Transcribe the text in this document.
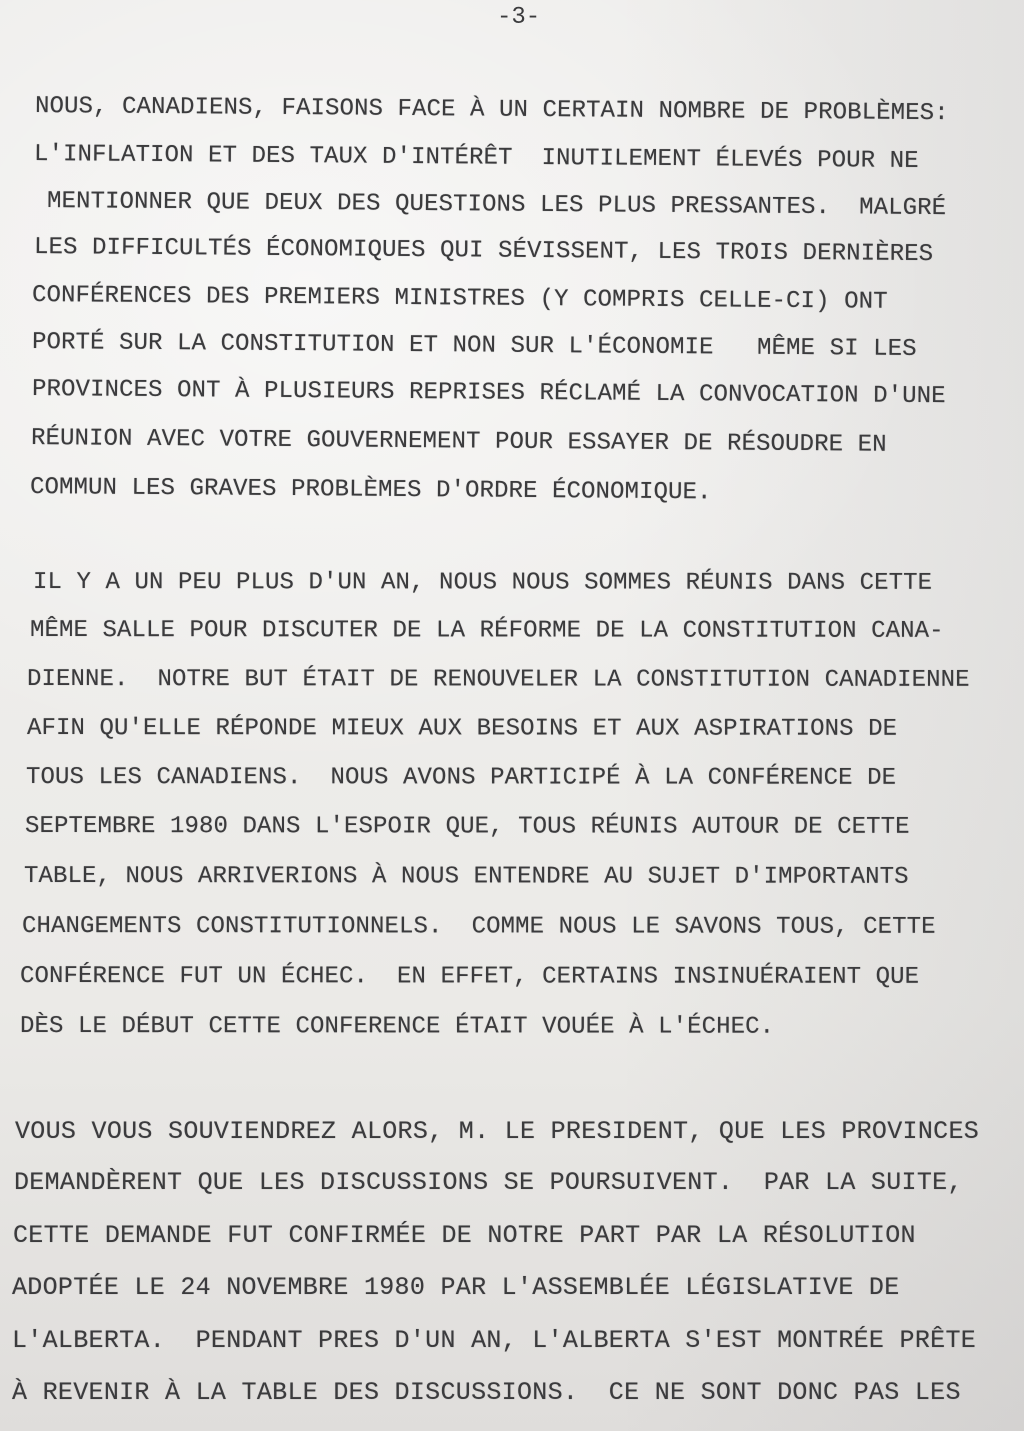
-3-
NOUS, CANADIENS, FAISONS FACE À UN CERTAIN NOMBRE DE PROBLÈMES:
L'INFLATION ET DES TAUX D'INTÉRÊT  INUTILEMENT ÉLEVÉS POUR NE
MENTIONNER QUE DEUX DES QUESTIONS LES PLUS PRESSANTES.  MALGRÉ
LES DIFFICULTÉS ÉCONOMIQUES QUI SÉVISSENT, LES TROIS DERNIÈRES
CONFÉRENCES DES PREMIERS MINISTRES (Y COMPRIS CELLE-CI) ONT
PORTÉ SUR LA CONSTITUTION ET NON SUR L'ÉCONOMIE   MÊME SI LES
PROVINCES ONT À PLUSIEURS REPRISES RÉCLAMÉ LA CONVOCATION D'UNE
RÉUNION AVEC VOTRE GOUVERNEMENT POUR ESSAYER DE RÉSOUDRE EN
COMMUN LES GRAVES PROBLÈMES D'ORDRE ÉCONOMIQUE.
IL Y A UN PEU PLUS D'UN AN, NOUS NOUS SOMMES RÉUNIS DANS CETTE
MÊME SALLE POUR DISCUTER DE LA RÉFORME DE LA CONSTITUTION CANA-
DIENNE.  NOTRE BUT ÉTAIT DE RENOUVELER LA CONSTITUTION CANADIENNE
AFIN QU'ELLE RÉPONDE MIEUX AUX BESOINS ET AUX ASPIRATIONS DE
TOUS LES CANADIENS.  NOUS AVONS PARTICIPÉ À LA CONFÉRENCE DE
SEPTEMBRE 1980 DANS L'ESPOIR QUE, TOUS RÉUNIS AUTOUR DE CETTE
TABLE, NOUS ARRIVERIONS À NOUS ENTENDRE AU SUJET D'IMPORTANTS
CHANGEMENTS CONSTITUTIONNELS.  COMME NOUS LE SAVONS TOUS, CETTE
CONFÉRENCE FUT UN ÉCHEC.  EN EFFET, CERTAINS INSINUÉRAIENT QUE
DÈS LE DÉBUT CETTE CONFERENCE ÉTAIT VOUÉE À L'ÉCHEC.
VOUS VOUS SOUVIENDREZ ALORS, M. LE PRESIDENT, QUE LES PROVINCES
DEMANDÈRENT QUE LES DISCUSSIONS SE POURSUIVENT.  PAR LA SUITE,
CETTE DEMANDE FUT CONFIRMÉE DE NOTRE PART PAR LA RÉSOLUTION
ADOPTÉE LE 24 NOVEMBRE 1980 PAR L'ASSEMBLÉE LÉGISLATIVE DE
L'ALBERTA.  PENDANT PRES D'UN AN, L'ALBERTA S'EST MONTRÉE PRÊTE
À REVENIR À LA TABLE DES DISCUSSIONS.  CE NE SONT DONC PAS LES
